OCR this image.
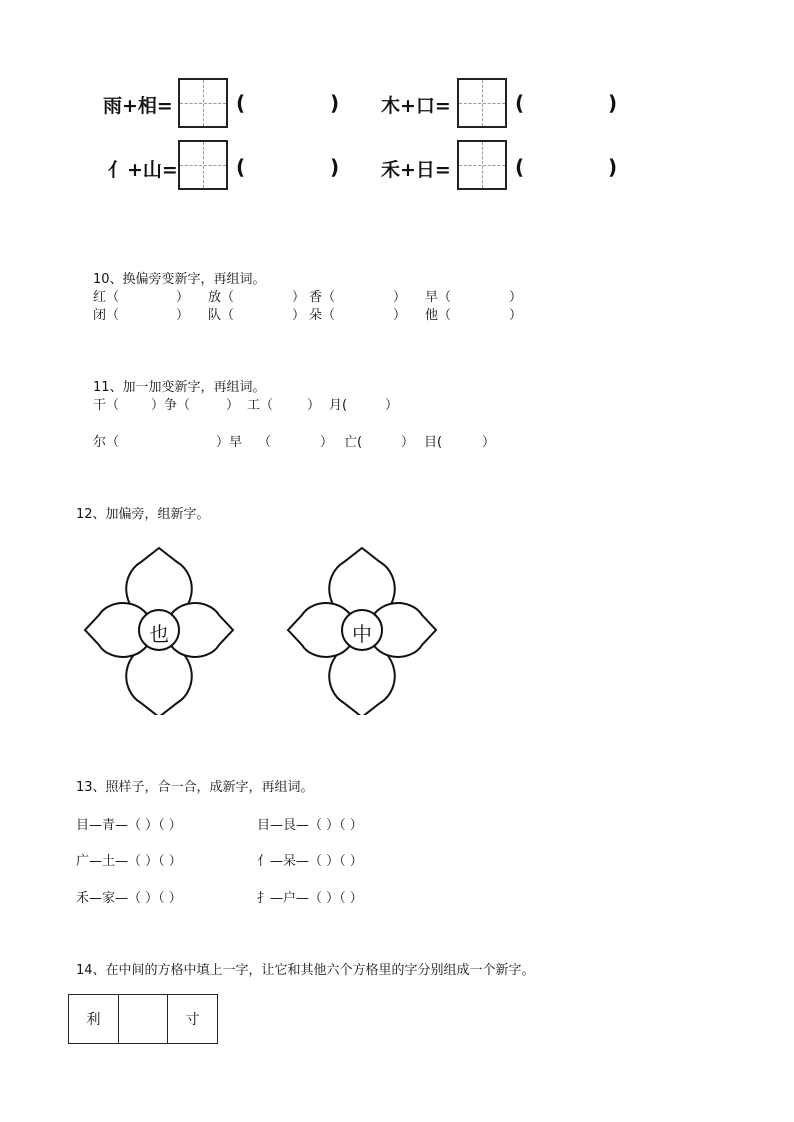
雨+相=	(	) 木+口=	(	)
亻+山=	(	) 禾+日=	(	)
10、换偏旁变新字，再组词。
红（	） 放（	） 香（	） 早（	）
闭（	） 队（	） 朵（	） 他（	）
11、加一加变新字，再组词。
干（ ）争（	） 工（	） 月(	）
尔（	）早 （	） 亡(	） 目(	）
12、加偏旁，组新字。
也	中
13、照样子，合一合，成新字，再组词。
目—青—（ ）（ ）	目—艮—（ ）（ ）
广—土—（ ）（ ）	亻—呆—（ ）（ ）
禾—家—（ ）（ ）	扌—户—（ ）（ ）
14、在中间的方格中填上一字，让它和其他六个方格里的字分别组成一个新字。
利	寸
